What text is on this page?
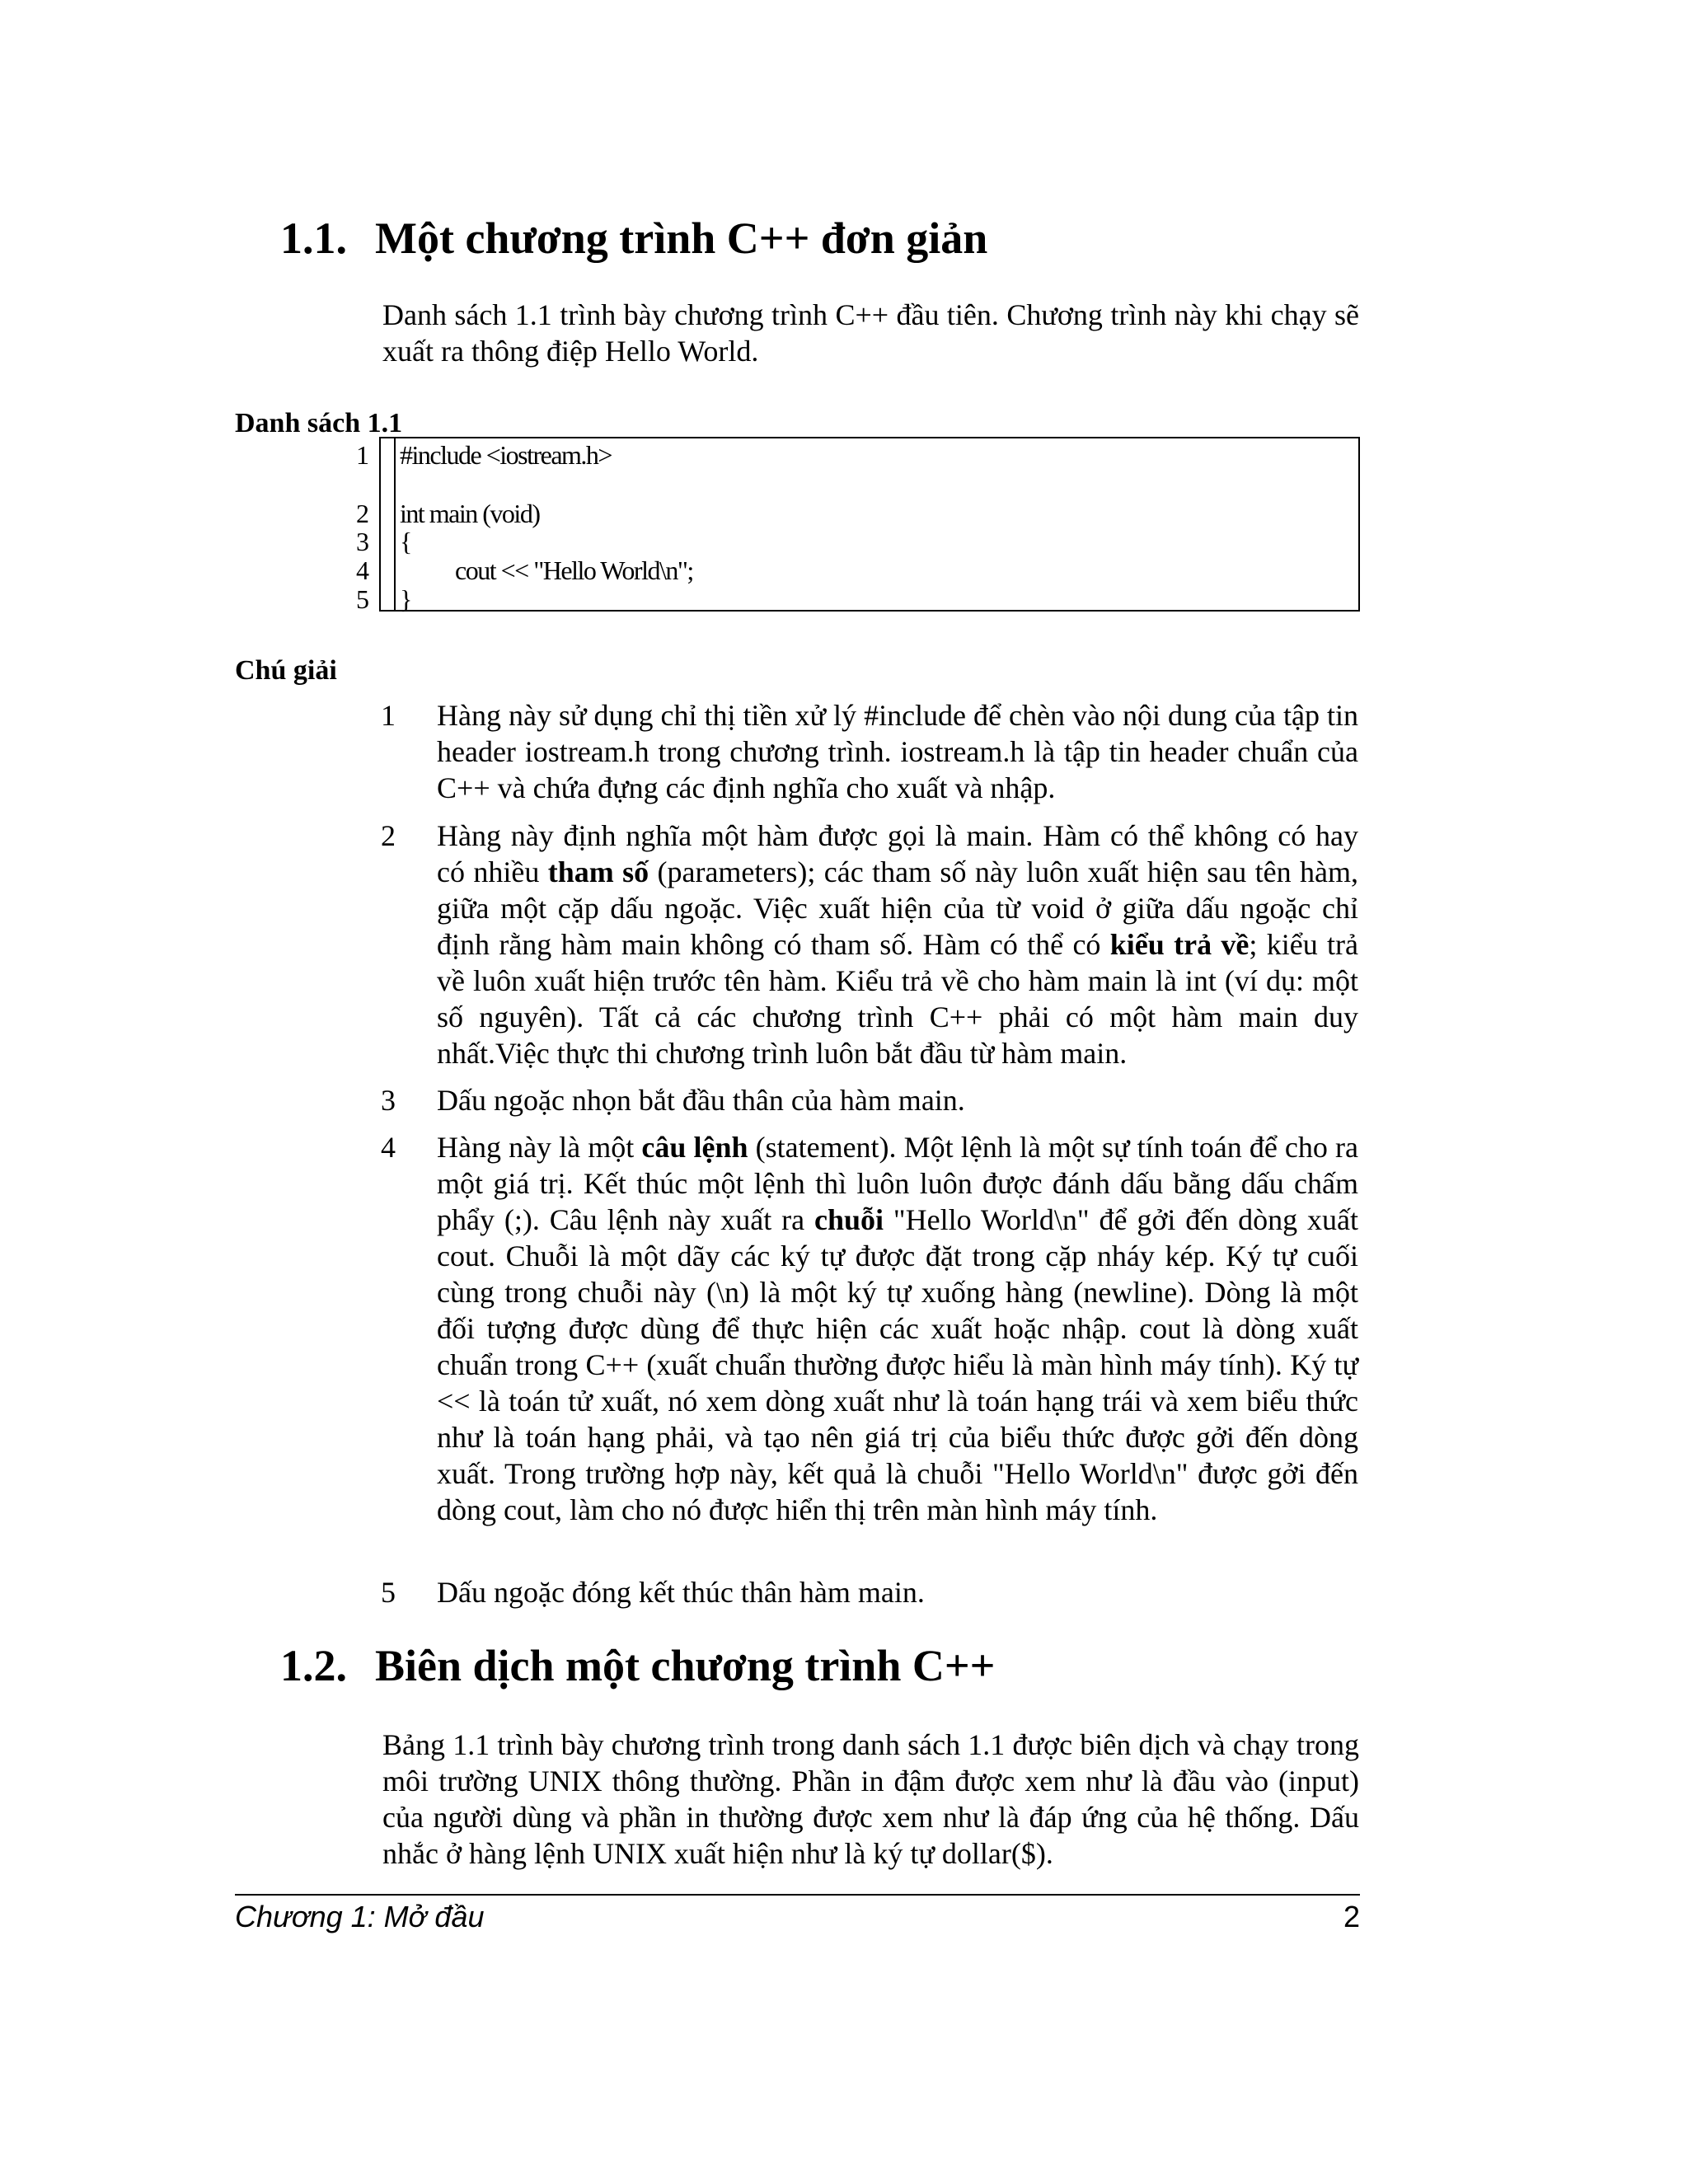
1.1. Một chương trình C++ đơn giản
Danh sách 1.1 trình bày chương trình C++ đầu tiên. Chương trình này khi chạy sẽ xuất ra thông điệp Hello World.
Danh sách 1.1
1
2
3
4
5
#include <iostream.h>
int main (void)
{
cout << "Hello World\n";
}
Chú giải
1 Hàng này sử dụng chỉ thị tiền xử lý #include để chèn vào nội dung của tập tin header iostream.h trong chương trình. iostream.h là tập tin header chuẩn của C++ và chứa đựng các định nghĩa cho xuất và nhập.
2 Hàng này định nghĩa một hàm được gọi là main. Hàm có thể không có hay có nhiều tham số (parameters); các tham số này luôn xuất hiện sau tên hàm, giữa một cặp dấu ngoặc. Việc xuất hiện của từ void ở giữa dấu ngoặc chỉ định rằng hàm main không có tham số. Hàm có thể có kiểu trả về; kiểu trả về luôn xuất hiện trước tên hàm. Kiểu trả về cho hàm main là int (ví dụ: một số nguyên). Tất cả các chương trình C++ phải có một hàm main duy nhất.Việc thực thi chương trình luôn bắt đầu từ hàm main.
3 Dấu ngoặc nhọn bắt đầu thân của hàm main.
4 Hàng này là một câu lệnh (statement). Một lệnh là một sự tính toán để cho ra một giá trị. Kết thúc một lệnh thì luôn luôn được đánh dấu bằng dấu chấm phẩy (;). Câu lệnh này xuất ra chuỗi "Hello World\n" để gởi đến dòng xuất cout. Chuỗi là một dãy các ký tự được đặt trong cặp nháy kép. Ký tự cuối cùng trong chuỗi này (\n) là một ký tự xuống hàng (newline). Dòng là một đối tượng được dùng để thực hiện các xuất hoặc nhập. cout là dòng xuất chuẩn trong C++ (xuất chuẩn thường được hiểu là màn hình máy tính). Ký tự << là toán tử xuất, nó xem dòng xuất như là toán hạng trái và xem biểu thức như là toán hạng phải, và tạo nên giá trị của biểu thức được gởi đến dòng xuất. Trong trường hợp này, kết quả là chuỗi "Hello World\n" được gởi đến dòng cout, làm cho nó được hiển thị trên màn hình máy tính.
5 Dấu ngoặc đóng kết thúc thân hàm main.
1.2. Biên dịch một chương trình C++
Bảng 1.1 trình bày chương trình trong danh sách 1.1 được biên dịch và chạy trong môi trường UNIX thông thường. Phần in đậm được xem như là đầu vào (input) của người dùng và phần in thường được xem như là đáp ứng của hệ thống. Dấu nhắc ở hàng lệnh UNIX xuất hiện như là ký tự dollar($).
Chương 1: Mở đầu	2
